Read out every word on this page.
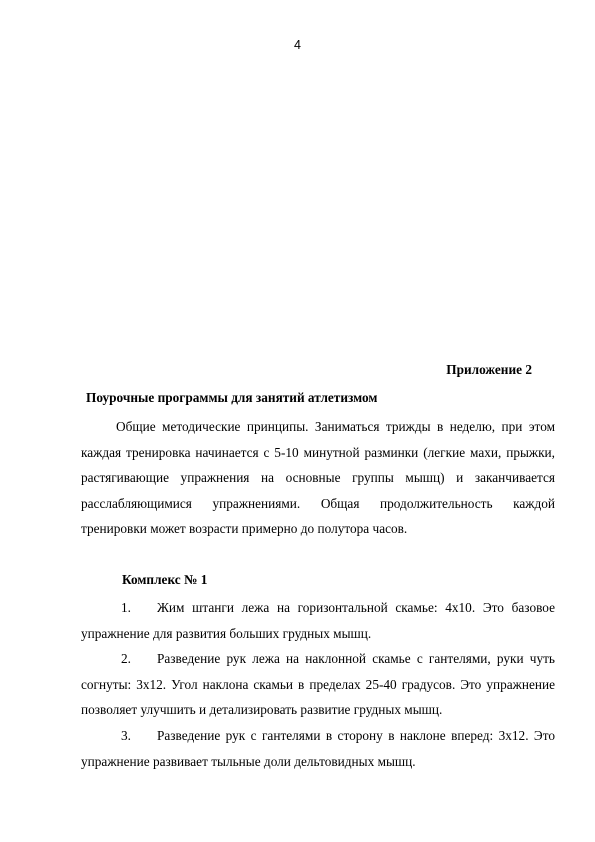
4
Приложение 2
Поурочные программы для занятий атлетизмом

Общие методические принципы. Заниматься трижды в неделю, при этом каждая тренировка начинается с 5-10 минутной разминки (легкие махи, прыжки, растягивающие упражнения на основные группы мышц) и заканчивается расслабляющимися упражнениями. Общая продолжительность каждой тренировки может возрасти примерно до полутора часов.

Комплекс № 1
1. Жим штанги лежа на горизонтальной скамье: 4х10. Это базовое упражнение для развития больших грудных мышц.
2. Разведение рук лежа на наклонной скамье с гантелями, руки чуть согнуты: 3х12. Угол наклона скамьи в пределах 25-40 градусов. Это упражнение позволяет улучшить и детализировать развитие грудных мышц.
3. Разведение рук с гантелями в сторону в наклоне вперед: 3х12. Это упражнение развивает тыльные доли дельтовидных мышц.
